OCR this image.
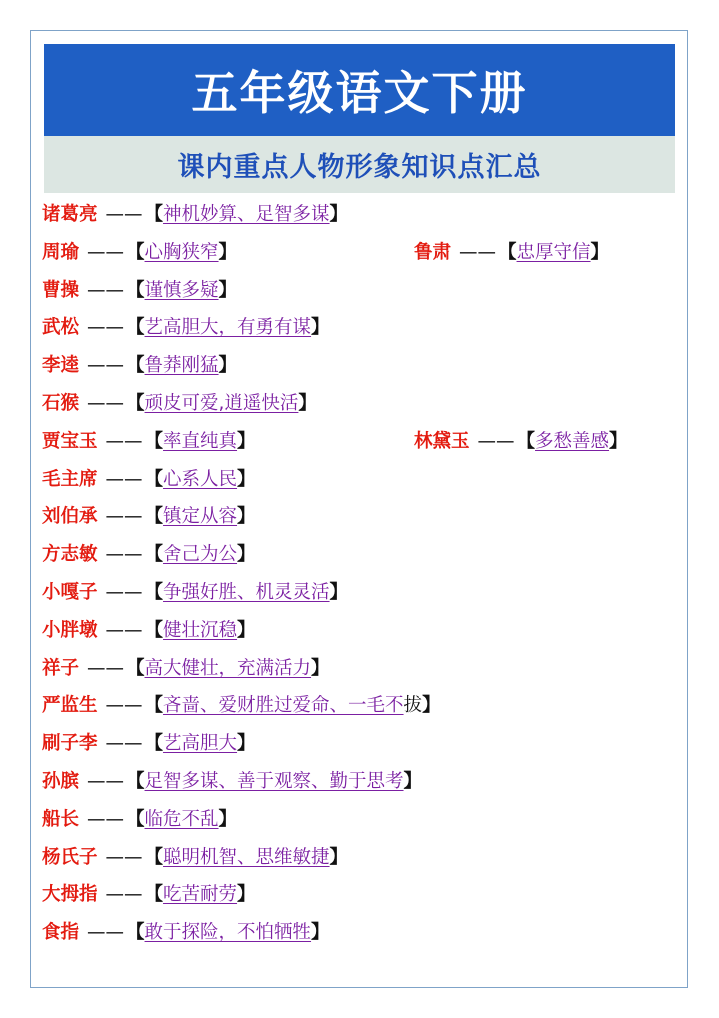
五年级语文下册
课内重点人物形象知识点汇总
诸葛亮 —— 【神机妙算、足智多谋】
周瑜 —— 【心胸狭窄】	鲁肃 —— 【忠厚守信】
曹操 —— 【谨慎多疑】
武松 —— 【艺高胆大，有勇有谋】
李逵 —— 【鲁莽刚猛】
石猴 —— 【顽皮可爱,逍遥快活】
贾宝玉 —— 【率直纯真】	林黛玉 —— 【多愁善感】
毛主席 —— 【心系人民】
刘伯承 —— 【镇定从容】
方志敏 —— 【舍己为公】
小嘎子 —— 【争强好胜、机灵灵活】
小胖墩 —— 【健壮沉稳】
祥子 —— 【高大健壮，充满活力】
严监生 —— 【吝啬、爱财胜过爱命、一毛不拔】
刷子李 —— 【艺高胆大】
孙膑 —— 【足智多谋、善于观察、勤于思考】
船长 —— 【临危不乱】
杨氏子 —— 【聪明机智、思维敏捷】
大拇指 —— 【吃苦耐劳】
食指 —— 【敢于探险，不怕牺牲】
